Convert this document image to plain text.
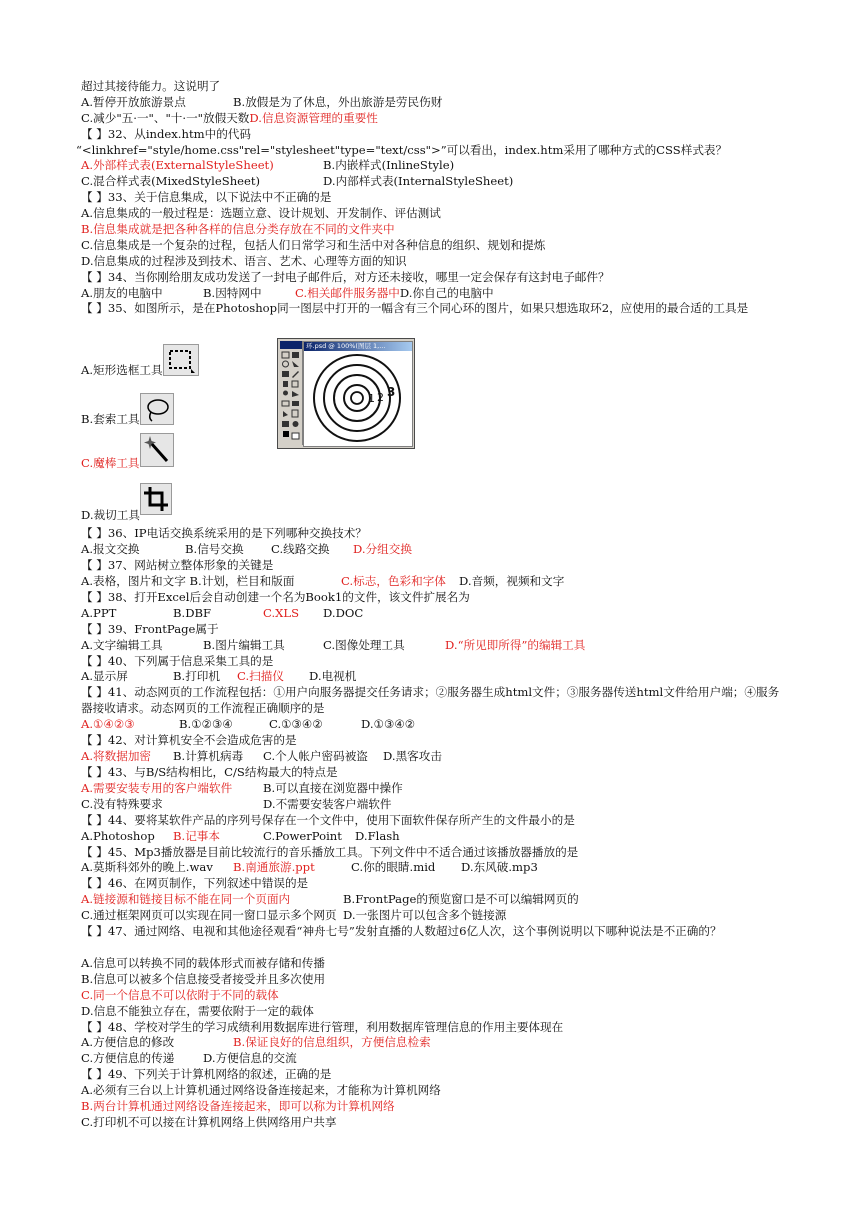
超过其接待能力。这说明了
A.暂停开放旅游景点	B.放假是为了休息，外出旅游是劳民伤财
C.减少"五·一"、"十·一"放假天数D.信息资源管理的重要性
【 】32、从index.htm中的代码
“<linkhref="style/home.css"rel="stylesheet"type="text/css">”可以看出，index.htm采用了哪种方式的CSS样式表？
A.外部样式表(ExternalStyleSheet)	B.内嵌样式(InlineStyle)
C.混合样式表(MixedStyleSheet)	D.内部样式表(InternalStyleSheet)
【 】33、关于信息集成，以下说法中不正确的是
A.信息集成的一般过程是：选题立意、设计规划、开发制作、评估测试
B.信息集成就是把各种各样的信息分类存放在不同的文件夹中
C.信息集成是一个复杂的过程，包括人们日常学习和生活中对各种信息的组织、规划和提炼
D.信息集成的过程涉及到技术、语言、艺术、心理等方面的知识
【 】34、当你刚给朋友成功发送了一封电子邮件后，对方还未接收，哪里一定会保存有这封电子邮件？
A.朋友的电脑中	B.因特网中	C.相关邮件服务器中D.你自己的电脑中
【 】35、如图所示，是在Photoshop同一图层中打开的一幅含有三个同心环的图片，如果只想选取环2，应使用的最合适的工具是
A.矩形选框工具
B.套索工具
C.魔棒工具
D.裁切工具
【 】36、IP电话交换系统采用的是下列哪种交换技术？
A.报文交换	B.信号交换 C.线路交换 D.分组交换
【 】37、网站树立整体形象的关键是
A.表格，图片和文字 B.计划，栏目和版面	C.标志，色彩和字体 D.音频，视频和文字
【 】38、打开Excel后会自动创建一个名为Book1的文件，该文件扩展名为
A.PPT	B.DBF	C.XLS D.DOC
【 】39、FrontPage属于
A.文字编辑工具	B.图片编辑工具	C.图像处理工具	D.“所见即所得”的编辑工具
【 】40、下列属于信息采集工具的是
A.显示屏	B.打印机 C.扫描仪 D.电视机
【 】41、动态网页的工作流程包括：①用户向服务器提交任务请求；②服务器生成html文件；③服务器传送html文件给用户端；④服务器接收请求。动态网页的工作流程正确顺序的是
A.①④②③	B.①②③④	C.①③④②	D.①③④②
【 】42、对计算机安全不会造成危害的是
A.将数据加密 B.计算机病毒 C.个人帐户密码被盗 D.黑客攻击
【 】43、与B/S结构相比，C/S结构最大的特点是
A.需要安装专用的客户端软件	B.可以直接在浏览器中操作
C.没有特殊要求	D.不需要安装客户端软件
【 】44、要将某软件产品的序列号保存在一个文件中，使用下面软件保存所产生的文件最小的是
A.Photoshop B.记事本	C.PowerPoint D.Flash
【 】45、Mp3播放器是目前比较流行的音乐播放工具。下列文件中不适合通过该播放器播放的是
A.莫斯科郊外的晚上.wav B.南通旅游.ppt	C.你的眼睛.mid D.东风破.mp3
【 】46、在网页制作，下列叙述中错误的是
A.链接源和链接目标不能在同一个页面内	B.FrontPage的预览窗口是不可以编辑网页的
C.通过框架网页可以实现在同一窗口显示多个网页 D.一张图片可以包含多个链接源
【 】47、通过网络、电视和其他途径观看“神舟七号”发射直播的人数超过6亿人次，这个事例说明以下哪种说法是不正确的？
A.信息可以转换不同的载体形式而被存储和传播
B.信息可以被多个信息接受者接受并且多次使用
C.同一个信息不可以依附于不同的载体
D.信息不能独立存在，需要依附于一定的载体
【 】48、学校对学生的学习成绩利用数据库进行管理，利用数据库管理信息的作用主要体现在
A.方便信息的修改	B.保证良好的信息组织，方便信息检索
C.方便信息的传递 D.方便信息的交流
【 】49、下列关于计算机网络的叙述，正确的是
A.必须有三台以上计算机通过网络设备连接起来，才能称为计算机网络
B.两台计算机通过网络设备连接起来，即可以称为计算机网络
C.打印机不可以接在计算机网络上供网络用户共享
环.psd @ 100%(图层 1,...
1 2 3
